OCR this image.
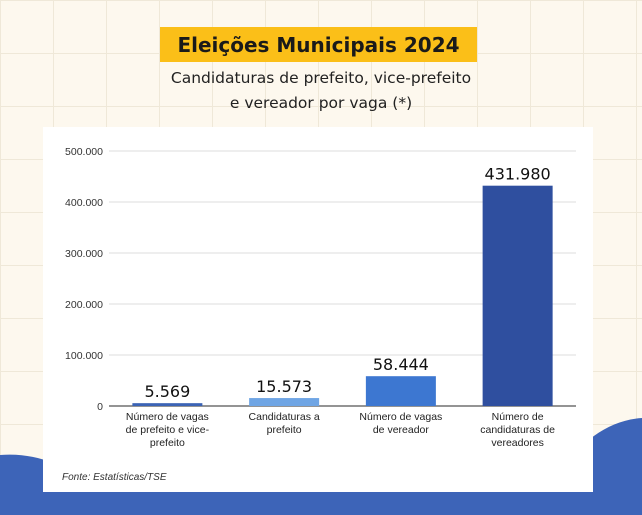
Eleições Municipais 2024
Candidaturas de prefeito, vice-prefeito
e vereador por vaga (*)
0
100.000
200.000
300.000
400.000
500.000
5.569
Número de vagas
de prefeito e vice-
prefeito
15.573
Candidaturas a
prefeito
58.444
Número de vagas
de vereador
431.980
Número de
candidaturas de
vereadores
Fonte: Estatísticas/TSE
